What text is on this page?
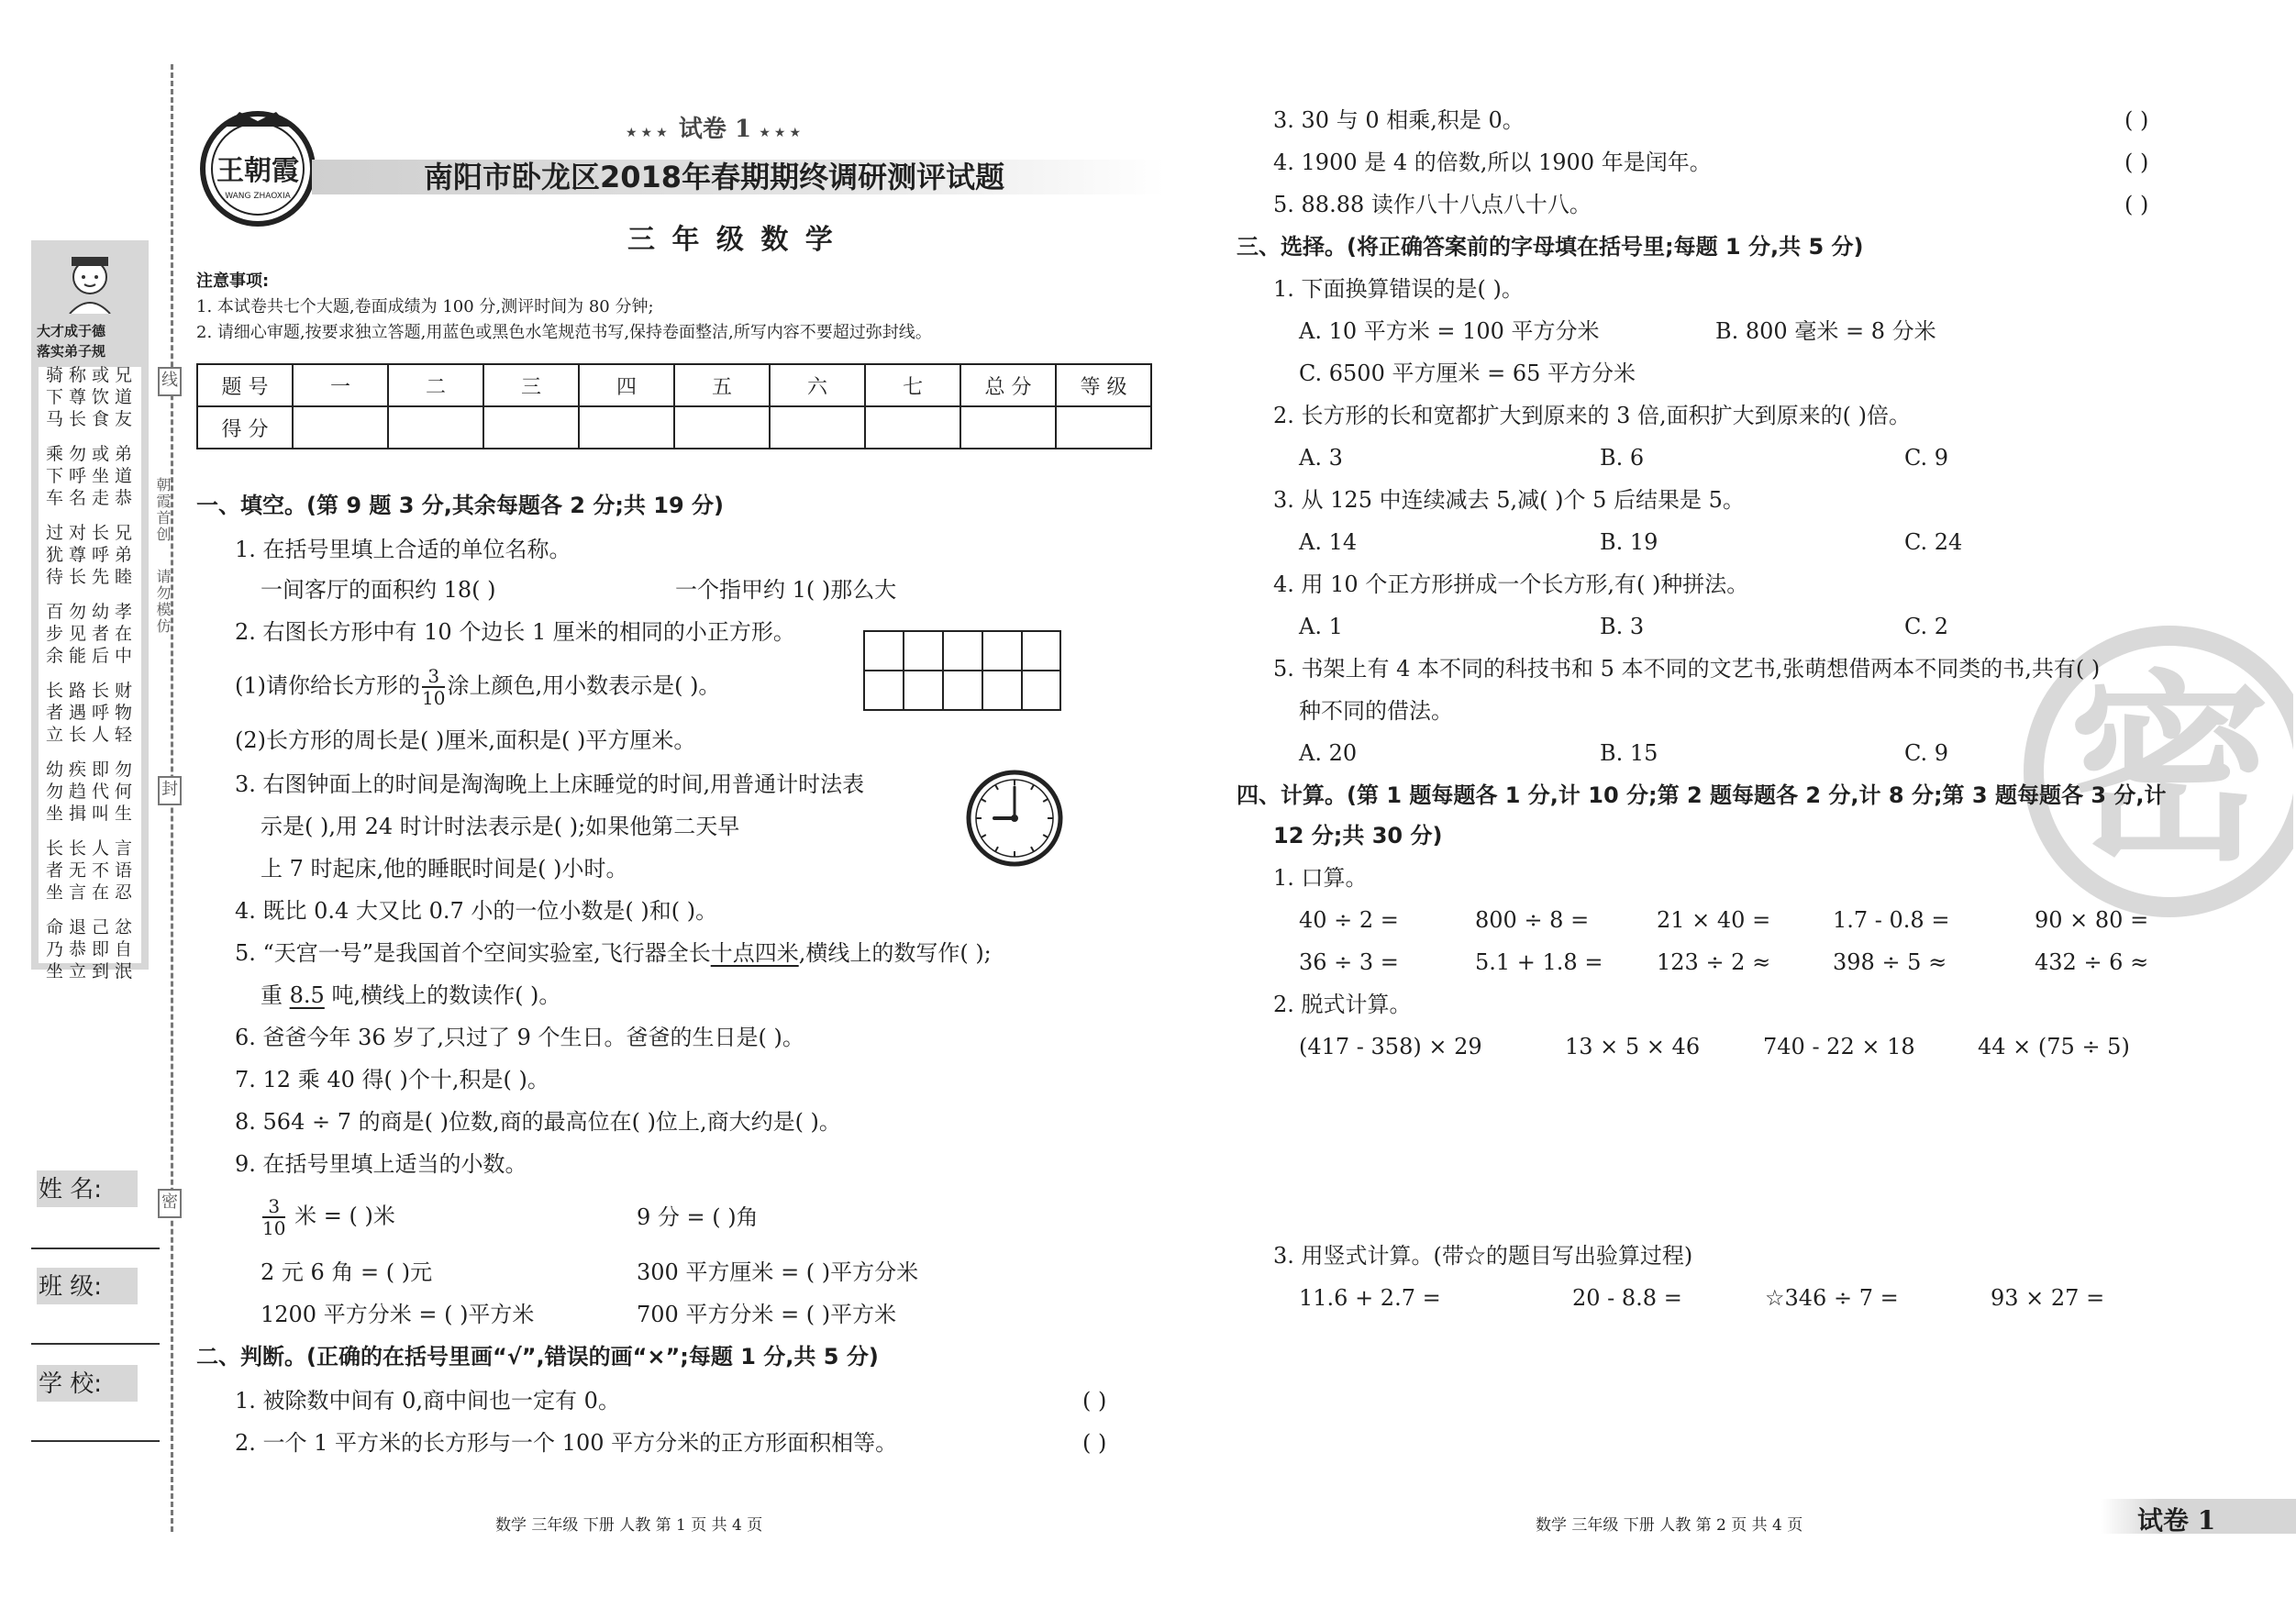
线
封
密
朝霞首创
请勿模仿
大才成于德
落实弟子规
骑称或兄
下尊饮道
马长食友
乘勿或弟
下呼坐道
车名走恭
过对长兄
犹尊呼弟
待长先睦
百勿幼孝
步见者在
余能后中
长路长财
者遇呼物
立长人轻
幼疾即勿
勿趋代何
坐揖叫生
长长人言
者无不语
坐言在忍
命退己忿
乃恭即自
坐立到泯
姓 名:
班 级:
学 校:
王朝霞
WANG ZHAOXIA
★★★ 试卷 1 ★★★
南阳市卧龙区2018年春期期终调研测评试题
三 年 级 数 学
注意事项:
1. 本试卷共七个大题,卷面成绩为 100 分,测评时间为 80 分钟;
2. 请细心审题,按要求独立答题,用蓝色或黑色水笔规范书写,保持卷面整洁,所写内容不要超过弥封线。
题 号	一	二	三	四	五	六	七	总 分	等 级
得 分									
一、填空。(第 9 题 3 分,其余每题各 2 分;共 19 分)
1. 在括号里填上合适的单位名称。
一间客厅的面积约 18( )	一个指甲约 1( )那么大
2. 右图长方形中有 10 个边长 1 厘米的相同的小正方形。
(1)请你给长方形的 $\frac{3}{10}$ 涂上颜色,用小数表示是( )。
(2)长方形的周长是( )厘米,面积是( )平方厘米。
3. 右图钟面上的时间是淘淘晚上上床睡觉的时间,用普通计时法表
示是( ),用 24 时计时法表示是( );如果他第二天早
上 7 时起床,他的睡眠时间是( )小时。
4. 既比 0.4 大又比 0.7 小的一位小数是( )和( )。
5. “天宫一号”是我国首个空间实验室,飞行器全长十点四米,横线上的数写作( );
重 8.5 吨,横线上的数读作( )。
6. 爸爸今年 36 岁了,只过了 9 个生日。爸爸的生日是( )。
7. 12 乘 40 得( )个十,积是( )。
8. 564 ÷ 7 的商是( )位数,商的最高位在( )位上,商大约是( )。
9. 在括号里填上适当的小数。
$\frac{3}{10}$ 米 = ( )米	9 分 = ( )角
2 元 6 角 = ( )元	300 平方厘米 = ( )平方分米
1200 平方分米 = ( )平方米	700 平方分米 = ( )平方米
二、判断。(正确的在括号里画“√”,错误的画“×”;每题 1 分,共 5 分)
1. 被除数中间有 0,商中间也一定有 0。	( )
2. 一个 1 平方米的长方形与一个 100 平方分米的正方形面积相等。	( )
数学 三年级 下册 人教 第 1 页 共 4 页
密
3. 30 与 0 相乘,积是 0。	( )
4. 1900 是 4 的倍数,所以 1900 年是闰年。	( )
5. 88.88 读作八十八点八十八。	( )
三、选择。(将正确答案前的字母填在括号里;每题 1 分,共 5 分)
1. 下面换算错误的是( )。
A. 10 平方米 = 100 平方分米	B. 800 毫米 = 8 分米
C. 6500 平方厘米 = 65 平方分米
2. 长方形的长和宽都扩大到原来的 3 倍,面积扩大到原来的( )倍。
A. 3	B. 6	C. 9
3. 从 125 中连续减去 5,减( )个 5 后结果是 5。
A. 14	B. 19	C. 24
4. 用 10 个正方形拼成一个长方形,有( )种拼法。
A. 1	B. 3	C. 2
5. 书架上有 4 本不同的科技书和 5 本不同的文艺书,张萌想借两本不同类的书,共有( )
种不同的借法。
A. 20	B. 15	C. 9
四、计算。(第 1 题每题各 1 分,计 10 分;第 2 题每题各 2 分,计 8 分;第 3 题每题各 3 分,计
12 分;共 30 分)
1. 口算。
40 ÷ 2 =	800 ÷ 8 =	21 × 40 =	1.7 - 0.8 =	90 × 80 =
36 ÷ 3 =	5.1 + 1.8 = 123 ÷ 2 ≈	398 ÷ 5 ≈	432 ÷ 6 ≈
2. 脱式计算。
(417 - 358) × 29	13 × 5 × 46	740 - 22 × 18	44 × (75 ÷ 5)
3. 用竖式计算。(带☆的题目写出验算过程)
11.6 + 2.7 =	20 - 8.8 =	☆346 ÷ 7 =	93 × 27 =
数学 三年级 下册 人教 第 2 页 共 4 页	试卷 1
